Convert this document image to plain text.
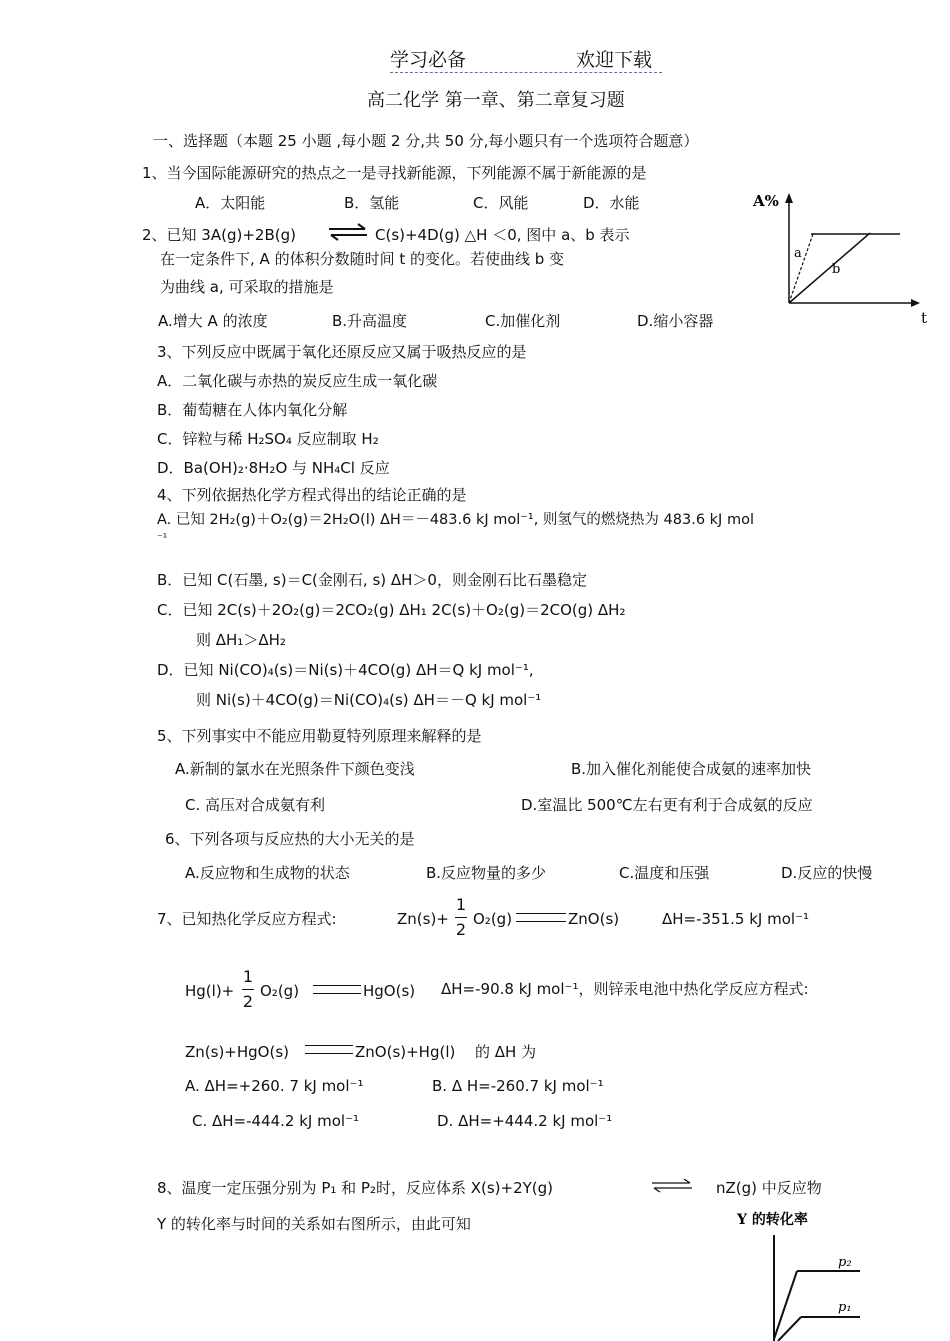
学习必备	欢迎下载
高二化学 第一章、第二章复习题
一、选择题（本题 25 小题 ,每小题 2 分,共 50 分,每小题只有一个选项符合题意）
1、当今国际能源研究的热点之一是寻找新能源，下列能源不属于新能源的是
A．太阳能	B．氢能	C．风能	D．水能
2、已知 3A(g)+2B(g) ⇌ C(s)+4D(g) △H ＜0, 图中 a、b 表示
在一定条件下, A 的体积分数随时间 t 的变化。若使曲线 b 变
为曲线 a, 可采取的措施是
A.增大 A 的浓度	B.升高温度	C.加催化剂	D.缩小容器
A%
t
a
b
3、下列反应中既属于氧化还原反应又属于吸热反应的是
A．二氧化碳与赤热的炭反应生成一氧化碳
B．葡萄糖在人体内氧化分解
C．锌粒与稀 H₂SO₄ 反应制取 H₂
D．Ba(OH)₂·8H₂O 与 NH₄Cl 反应
4、下列依据热化学方程式得出的结论正确的是
A. 已知 2H₂(g)＋O₂(g)＝2H₂O(l) ΔH＝－483.6 kJ mol⁻¹, 则氢气的燃烧热为 483.6 kJ mol
⁻¹
B．已知 C(石墨, s)＝C(金刚石, s) ΔH＞0，则金刚石比石墨稳定
C．已知 2C(s)＋2O₂(g)＝2CO₂(g) ΔH₁ 2C(s)＋O₂(g)＝2CO(g) ΔH₂
则 ΔH₁＞ΔH₂
D．已知 Ni(CO)₄(s)＝Ni(s)＋4CO(g) ΔH＝Q kJ mol⁻¹,
则 Ni(s)＋4CO(g)＝Ni(CO)₄(s) ΔH＝－Q kJ mol⁻¹
5、下列事实中不能应用勒夏特列原理来解释的是
A.新制的氯水在光照条件下颜色变浅	B.加入催化剂能使合成氨的速率加快
C. 高压对合成氨有利	D.室温比 500℃左右更有利于合成氨的反应
6、下列各项与反应热的大小无关的是
A.反应物和生成物的状态	B.反应物量的多少	C.温度和压强	D.反应的快慢
7、已知热化学反应方程式:	Zn(s)+
1
2
O₂(g)	ZnO(s)	ΔH=-351.5 kJ mol⁻¹
Hg(l)+
1
2
O₂(g)	HgO(s) ΔH=-90.8 kJ mol⁻¹，则锌汞电池中热化学反应方程式:
Zn(s)+HgO(s)	ZnO(s)+Hg(l) 的 ΔH 为
A. ΔH=+260. 7 kJ mol⁻¹	B. Δ H=-260.7 kJ mol⁻¹
C. ΔH=-444.2 kJ mol⁻¹	D. ΔH=+444.2 kJ mol⁻¹
8、温度一定压强分别为 P₁ 和 P₂时，反应体系 X(s)+2Y(g)	⇌ nZ(g) 中反应物
Y 的转化率与时间的关系如右图所示，由此可知	Y 的转化率
p₂
p₁
